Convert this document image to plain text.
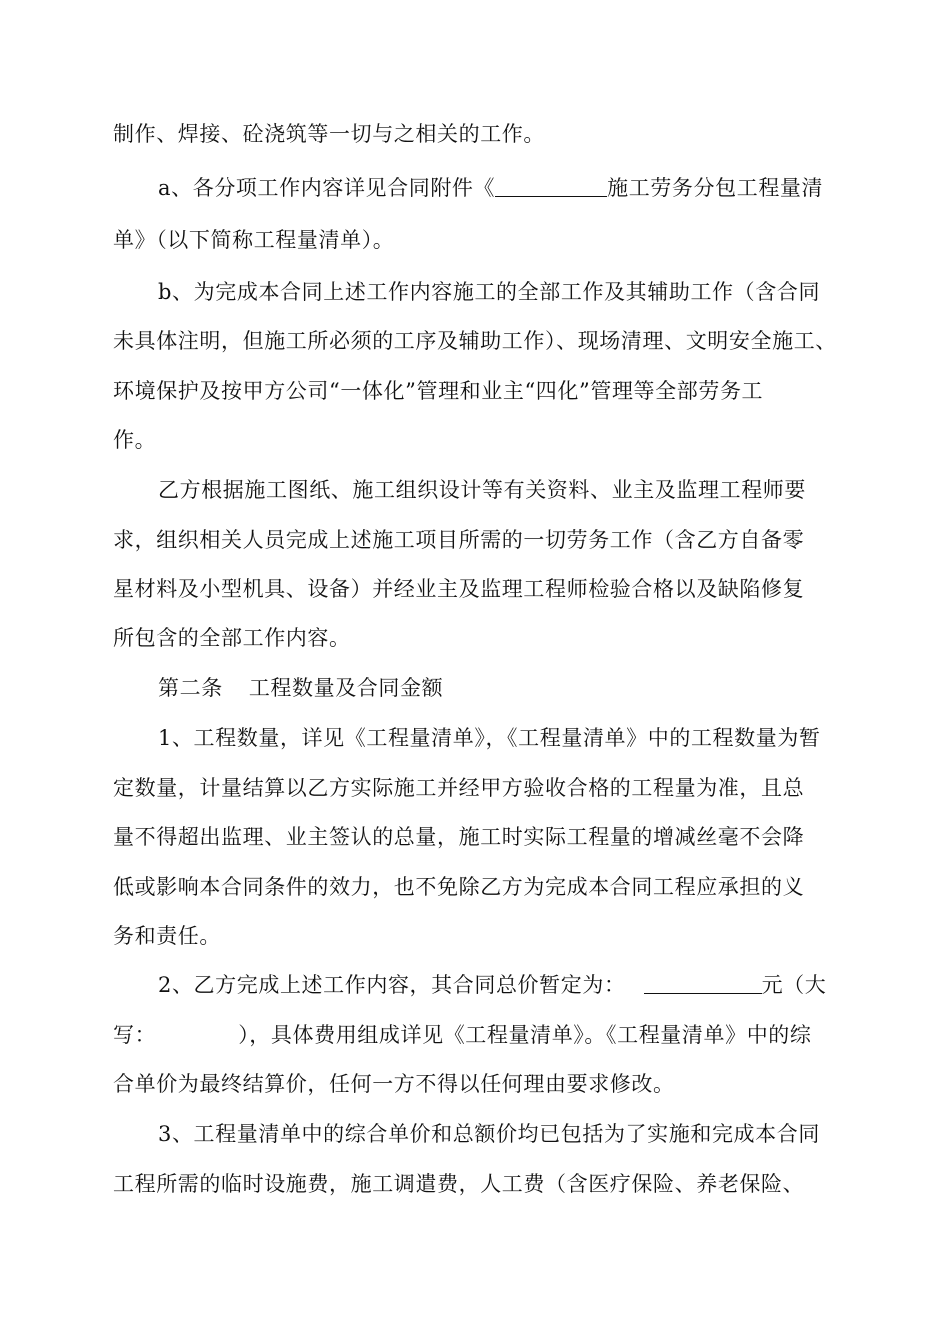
制作、焊接、砼浇筑等一切与之相关的工作。
a、各分项工作内容详见合同附件《	施工劳务分包工程量清
单》（以下简称工程量清单）。
b、为完成本合同上述工作内容施工的全部工作及其辅助工作（含合同
未具体注明，但施工所必须的工序及辅助工作）、现场清理、文明安全施工、
环境保护及按甲方公司“一体化”管理和业主“四化”管理等全部劳务工
作。
乙方根据施工图纸、施工组织设计等有关资料、业主及监理工程师要
求，组织相关人员完成上述施工项目所需的一切劳务工作（含乙方自备零
星材料及小型机具、设备）并经业主及监理工程师检验合格以及缺陷修复
所包含的全部工作内容。
第二条 工程数量及合同金额
1、工程数量，详见《工程量清单》，《工程量清单》中的工程数量为暂
定数量，计量结算以乙方实际施工并经甲方验收合格的工程量为准，且总
量不得超出监理、业主签认的总量，施工时实际工程量的增减丝毫不会降
低或影响本合同条件的效力，也不免除乙方为完成本合同工程应承担的义
务和责任。
2、乙方完成上述工作内容，其合同总价暂定为：	元（大
写：	），具体费用组成详见《工程量清单》。《工程量清单》中的综
合单价为最终结算价，任何一方不得以任何理由要求修改。
3、工程量清单中的综合单价和总额价均已包括为了实施和完成本合同
工程所需的临时设施费，施工调遣费，人工费（含医疗保险、养老保险、
